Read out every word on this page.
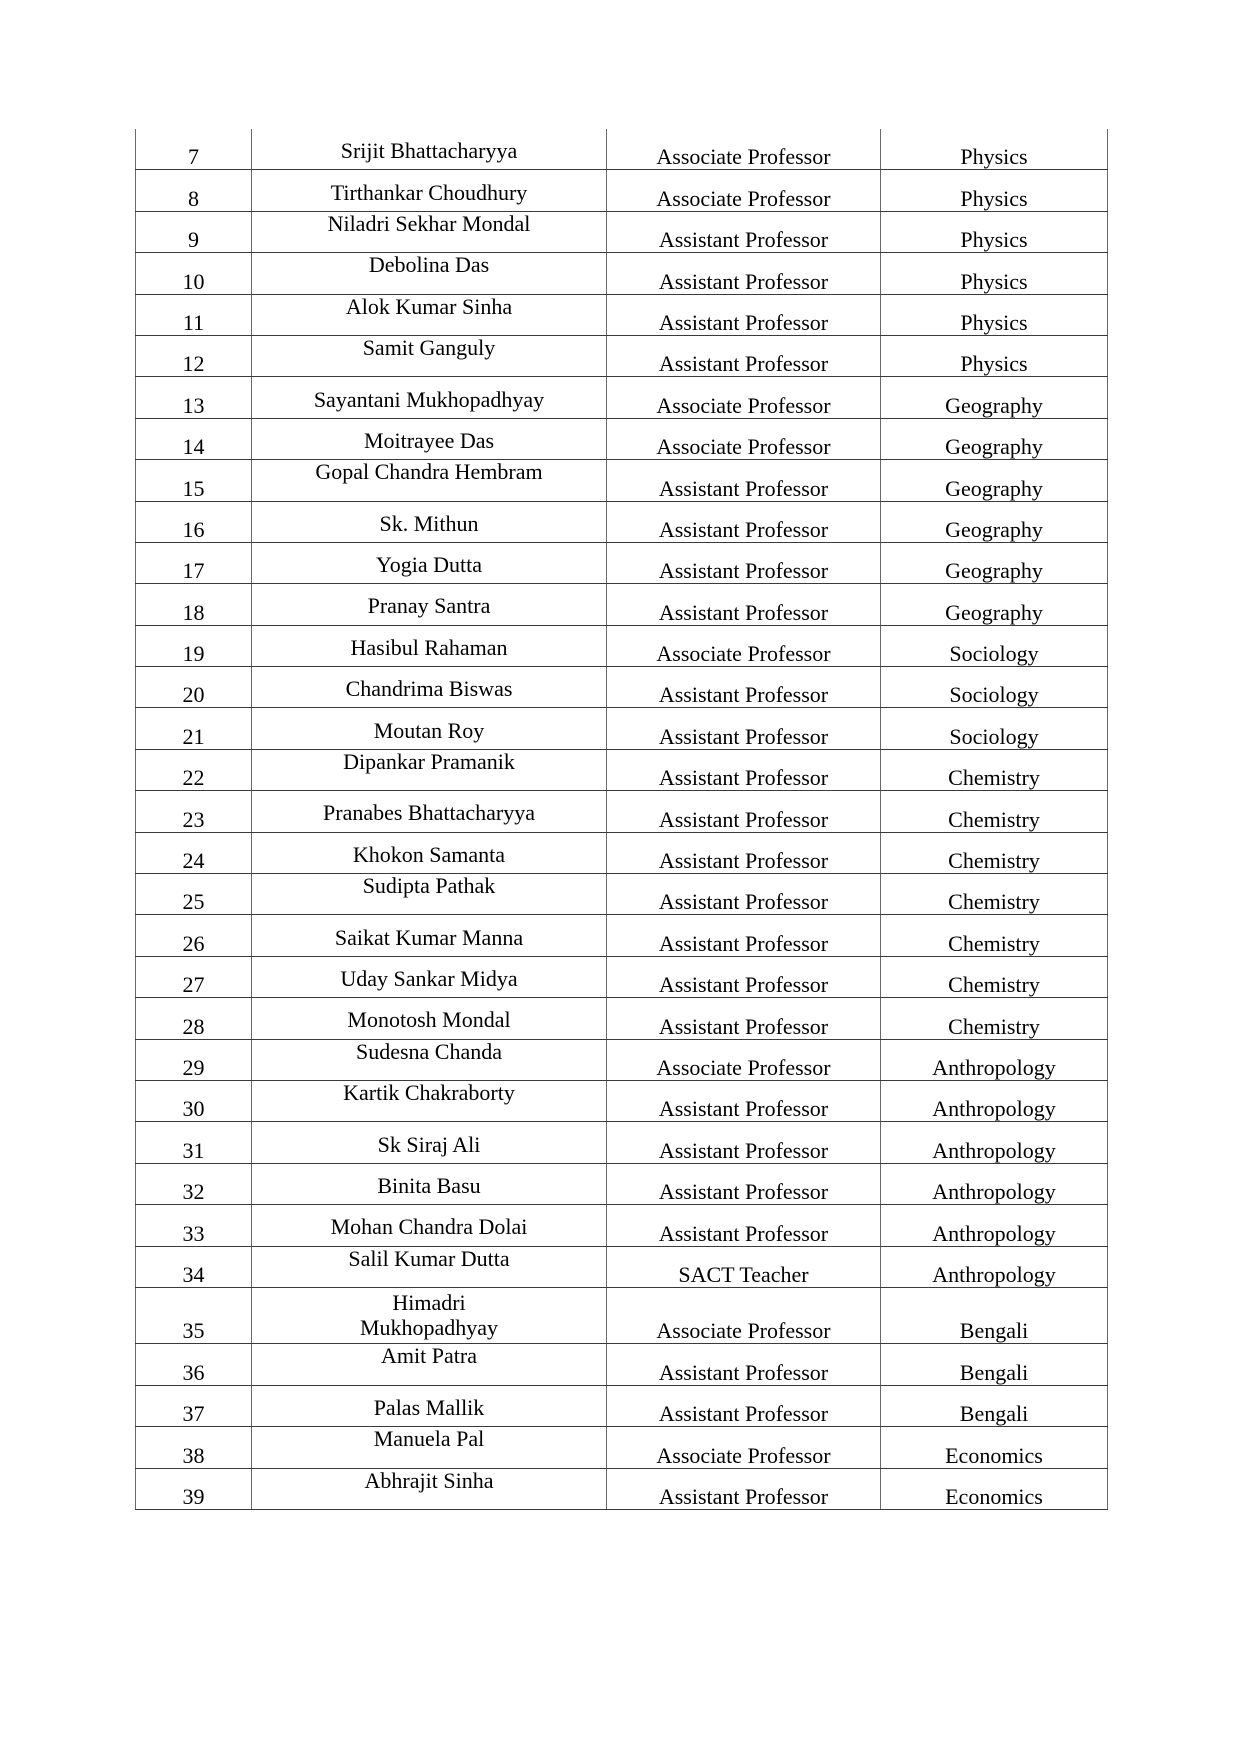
7	Srijit Bhattacharyya	Associate Professor	Physics

8	Tirthankar Choudhury	Associate Professor	Physics

9	Niladri Sekhar Mondal	Assistant Professor	Physics

10	Debolina Das	Assistant Professor	Physics

11	Alok Kumar Sinha	Assistant Professor	Physics

12	Samit Ganguly	Assistant Professor	Physics

13	Sayantani Mukhopadhyay	Associate Professor	Geography

14	Moitrayee Das	Associate Professor	Geography

15	Gopal Chandra Hembram	Assistant Professor	Geography

16	Sk. Mithun	Assistant Professor	Geography

17	Yogia Dutta	Assistant Professor	Geography

18	Pranay Santra	Assistant Professor	Geography

19	Hasibul Rahaman	Associate Professor	Sociology

20	Chandrima Biswas	Assistant Professor	Sociology

21	Moutan Roy	Assistant Professor	Sociology

22	Dipankar Pramanik	Assistant Professor	Chemistry

23	Pranabes Bhattacharyya	Assistant Professor	Chemistry

24	Khokon Samanta	Assistant Professor	Chemistry

25	Sudipta Pathak	Assistant Professor	Chemistry

26	Saikat Kumar Manna	Assistant Professor	Chemistry

27	Uday Sankar Midya	Assistant Professor	Chemistry

28	Monotosh Mondal	Assistant Professor	Chemistry

29	Sudesna Chanda	Associate Professor	Anthropology

30	Kartik Chakraborty	Assistant Professor	Anthropology

31	Sk Siraj Ali	Assistant Professor	Anthropology

32	Binita Basu	Assistant Professor	Anthropology

33	Mohan Chandra Dolai	Assistant Professor	Anthropology

34	Salil Kumar Dutta	SACT Teacher	Anthropology

35	Himadri Mukhopadhyay	Associate Professor	Bengali

36	Amit Patra	Assistant Professor	Bengali

37	Palas Mallik	Assistant Professor	Bengali

38	Manuela Pal	Associate Professor	Economics

39	Abhrajit Sinha	Assistant Professor	Economics
